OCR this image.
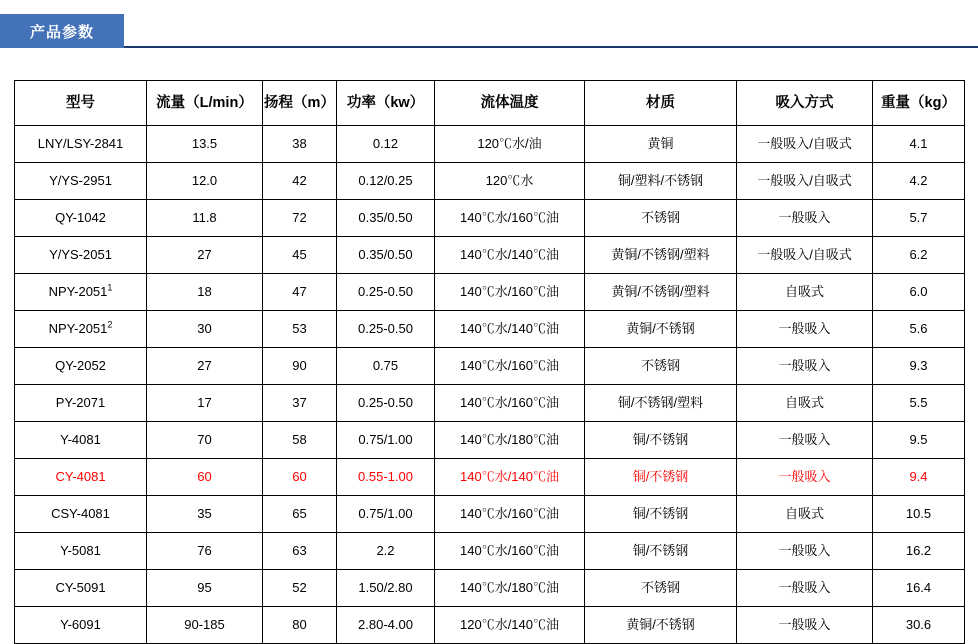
产品参数
型号	流量（L/min）	扬程（m）	功率（kw）	流体温度	材质	吸入方式	重量（kg）
LNY/LSY-2841	13.5	38	0.12	120℃水/油	黄铜	一般吸入/自吸式	4.1
Y/YS-2951	12.0	42	0.12/0.25	120℃水	铜/塑料/不锈钢	一般吸入/自吸式	4.2
QY-1042	11.8	72	0.35/0.50	140℃水/160℃油	不锈钢	一般吸入	5.7
Y/YS-2051	27	45	0.35/0.50	140℃水/140℃油	黄铜/不锈钢/塑料	一般吸入/自吸式	6.2
NPY-2051$^1$	18	47	0.25-0.50	140℃水/160℃油	黄铜/不锈钢/塑料	自吸式	6.0
NPY-2051$^2$	30	53	0.25-0.50	140℃水/140℃油	黄铜/不锈钢	一般吸入	5.6
QY-2052	27	90	0.75	140℃水/160℃油	不锈钢	一般吸入	9.3
PY-2071	17	37	0.25-0.50	140℃水/160℃油	铜/不锈钢/塑料	自吸式	5.5
Y-4081	70	58	0.75/1.00	140℃水/180℃油	铜/不锈钢	一般吸入	9.5
CY-4081	60	60	0.55-1.00	140℃水/140℃油	铜/不锈钢	一般吸入	9.4
CSY-4081	35	65	0.75/1.00	140℃水/160℃油	铜/不锈钢	自吸式	10.5
Y-5081	76	63	2.2	140℃水/160℃油	铜/不锈钢	一般吸入	16.2
CY-5091	95	52	1.50/2.80	140℃水/180℃油	不锈钢	一般吸入	16.4
Y-6091	90-185	80	2.80-4.00	120℃水/140℃油	黄铜/不锈钢	一般吸入	30.6
